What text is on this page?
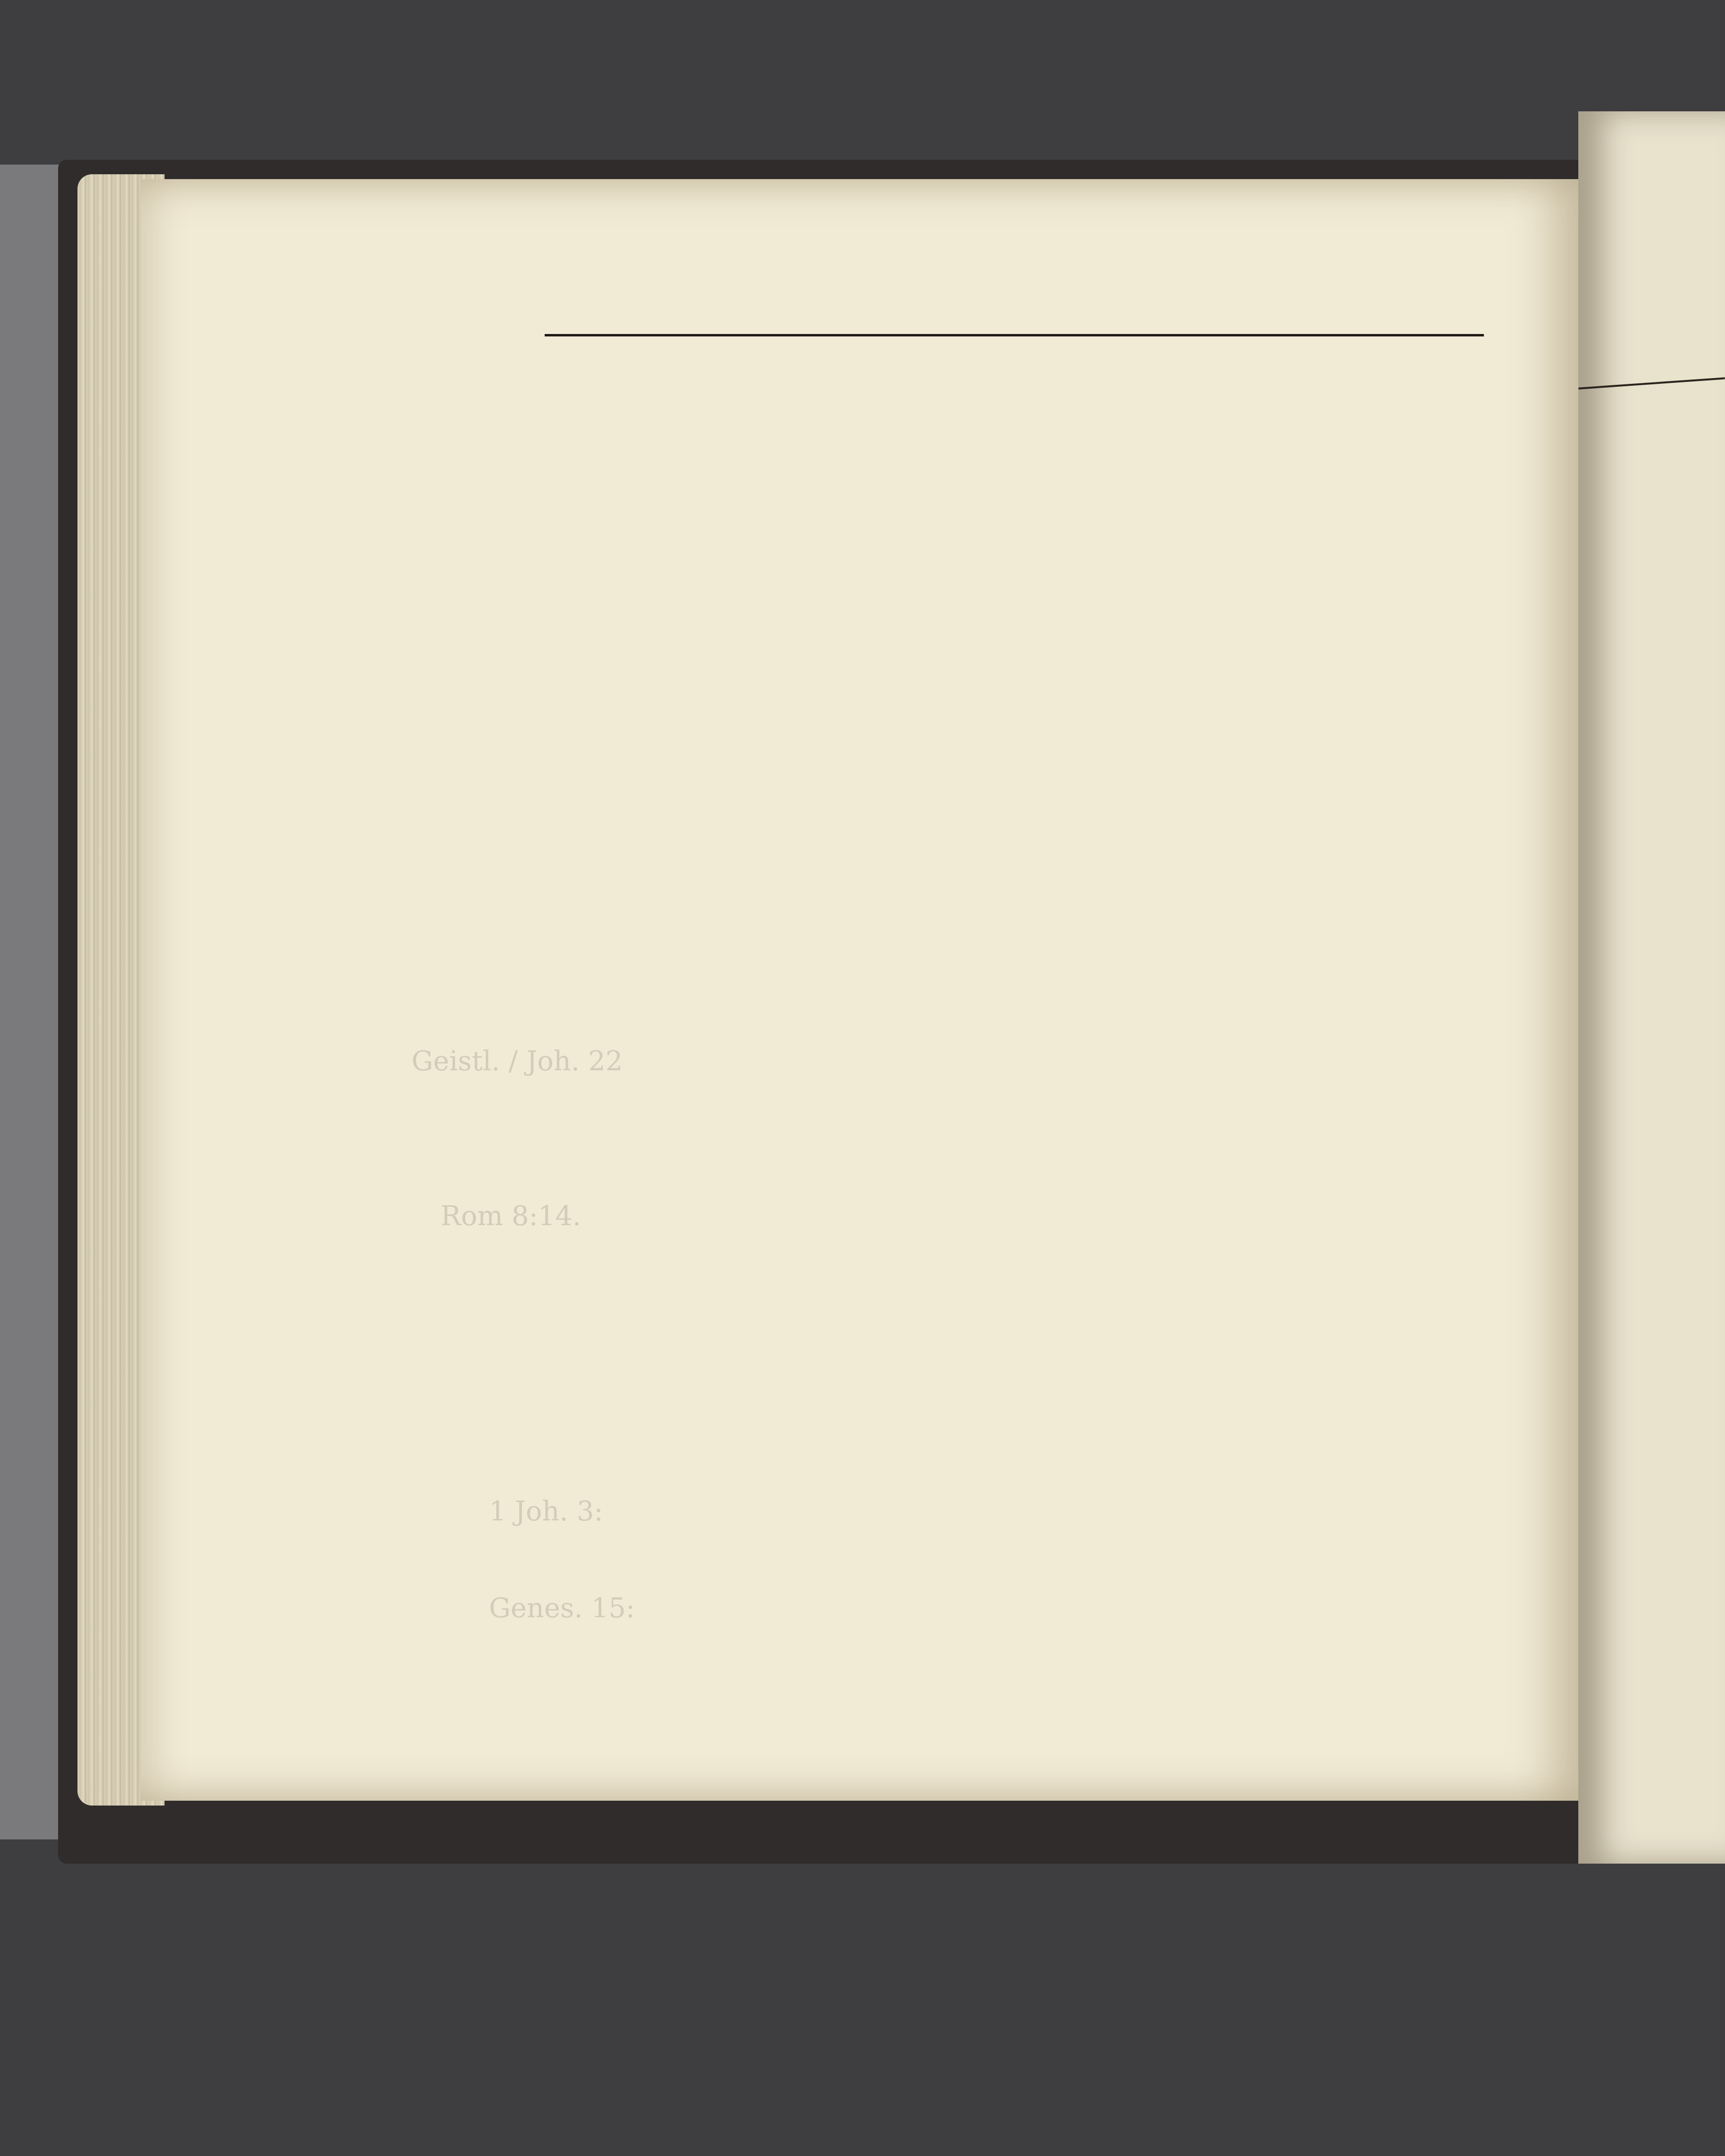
Geistl. / Joh. 22
Rom 8:14.
1 Joh. 3:
Genes. 15:
